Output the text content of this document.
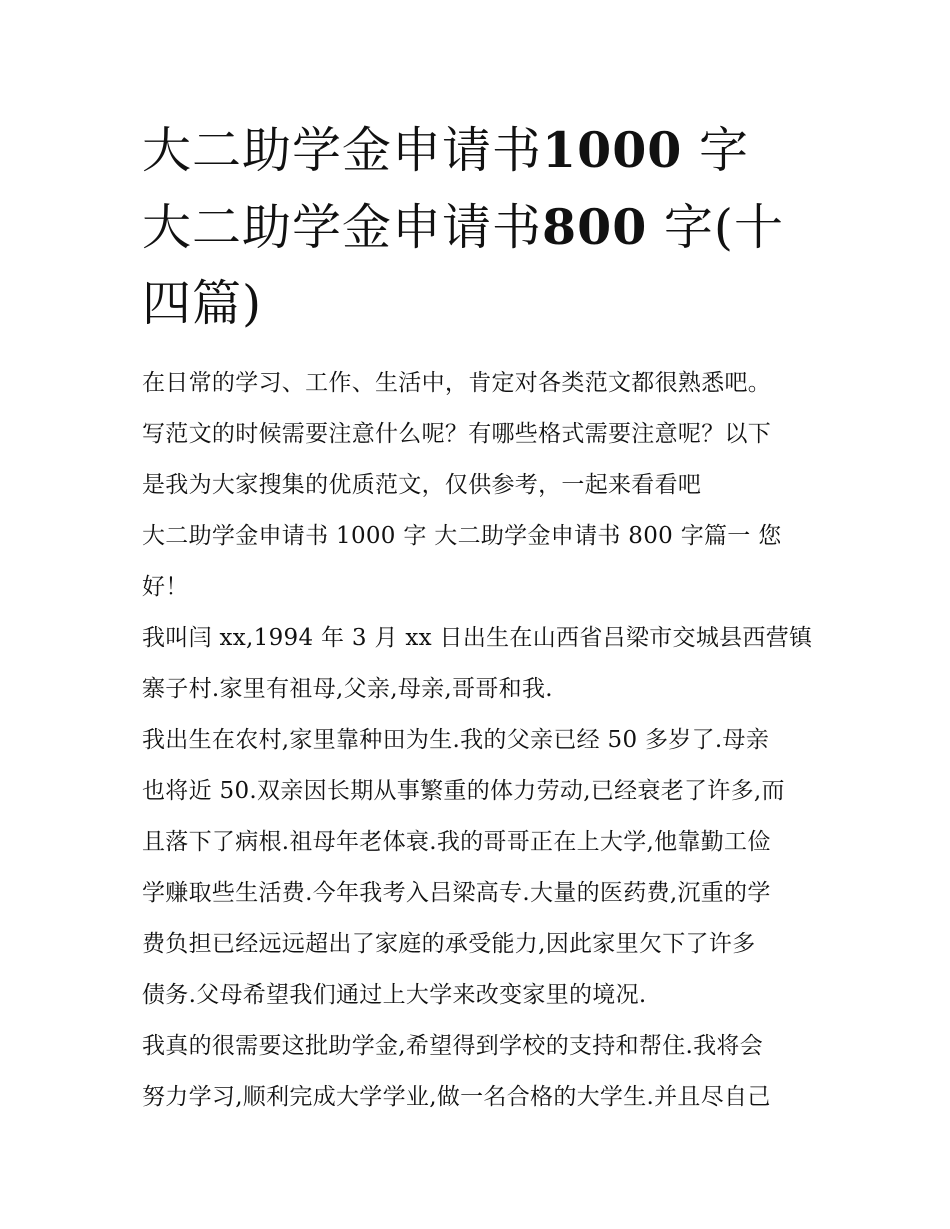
大二助学金申请书1000 字 大二助学金申请书800 字(十四篇)

在日常的学习、工作、生活中，肯定对各类范文都很熟悉吧。

写范文的时候需要注意什么呢？有哪些格式需要注意呢？以下

是我为大家搜集的优质范文，仅供参考，一起来看看吧

大二助学金申请书 1000 字 大二助学金申请书 800 字篇一 您

好！

我叫闫 xx,1994 年 3 月 xx 日出生在山西省吕梁市交城县西营镇

寨子村.家里有祖母,父亲,母亲,哥哥和我.

我出生在农村,家里靠种田为生.我的父亲已经 50 多岁了.母亲

也将近 50.双亲因长期从事繁重的体力劳动,已经衰老了许多,而

且落下了病根.祖母年老体衰.我的哥哥正在上大学,他靠勤工俭

学赚取些生活费.今年我考入吕梁高专.大量的医药费,沉重的学

费负担已经远远超出了家庭的承受能力,因此家里欠下了许多

债务.父母希望我们通过上大学来改变家里的境况.

我真的很需要这批助学金,希望得到学校的支持和帮住.我将会

努力学习,顺利完成大学学业,做一名合格的大学生.并且尽自己
